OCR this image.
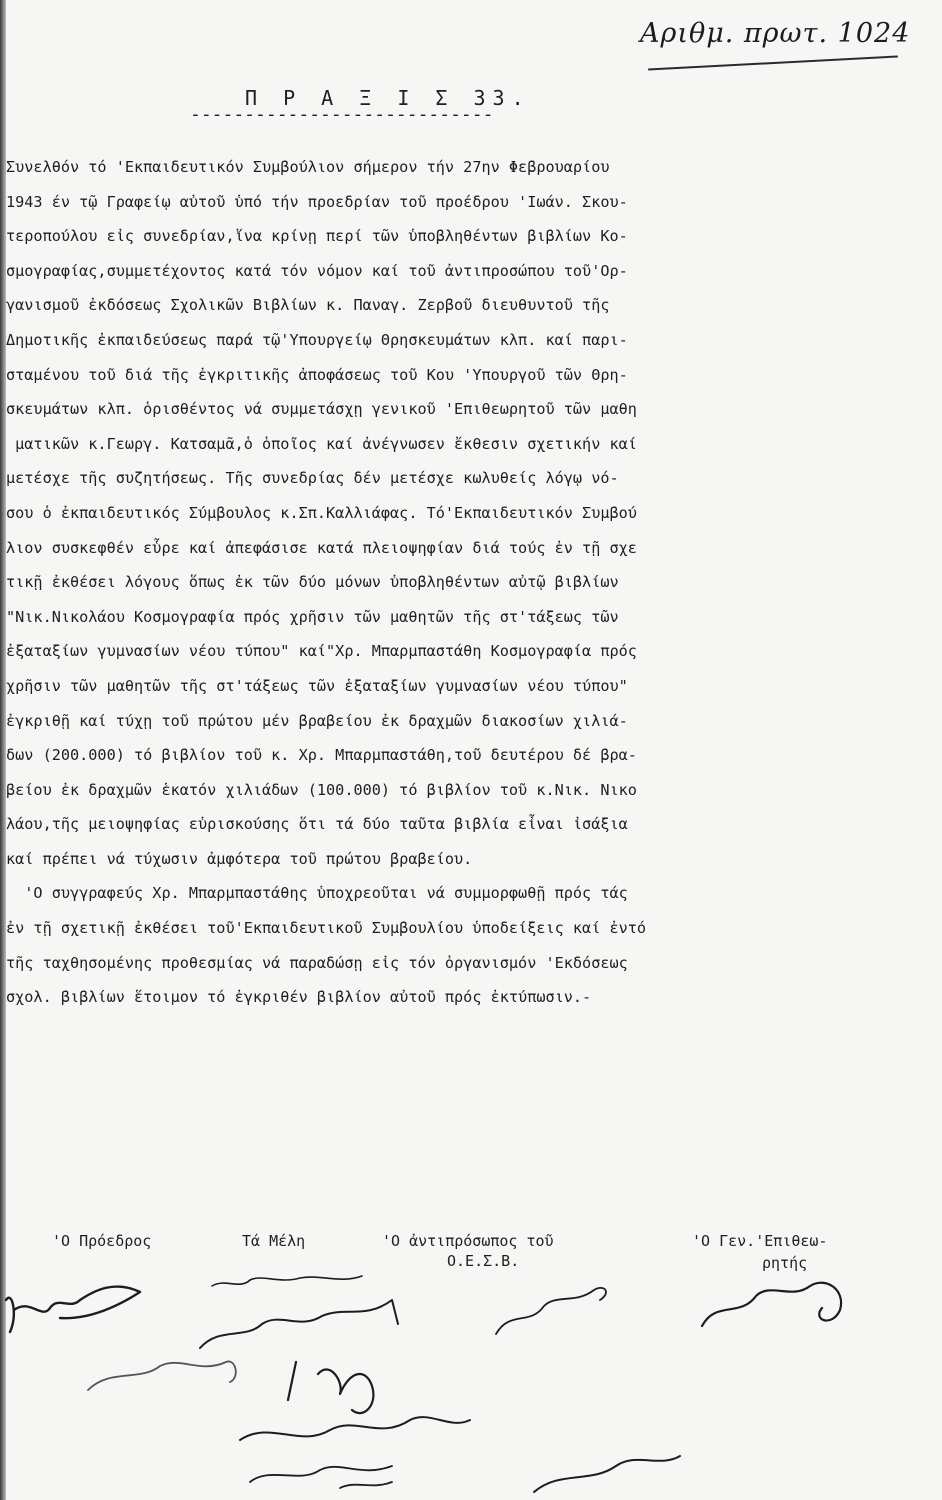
Αριθμ. πρωτ. 1024
Π Ρ Α Ξ Ι Σ 33.
----------------------------
Συνελθόν τό 'Εκπαιδευτικόν Συμβούλιον σήμερον τήν 27ην Φεβρουαρίου
1943 έν τῷ Γραφείῳ αὐτοῦ ὑπό τήν προεδρίαν τοῦ προέδρου 'Ιωάν. Σκου-
τεροπούλου εἰς συνεδρίαν,ἵνα κρίνῃ περί τῶν ὑποβληθέντων βιβλίων Κο-
σμογραφίας,συμμετέχοντος κατά τόν νόμον καί τοῦ ἀντιπροσώπου τοῦ'Ορ-
γανισμοῦ ἐκδόσεως Σχολικῶν Βιβλίων κ. Παναγ. Ζερβοῦ διευθυντοῦ τῆς
Δημοτικῆς ἐκπαιδεύσεως παρά τῷ'Υπουργείῳ Θρησκευμάτων κλπ. καί παρι-
σταμένου τοῦ διά τῆς ἐγκριτικῆς ἀποφάσεως τοῦ Κου 'Υπουργοῦ τῶν Θρη-
σκευμάτων κλπ. ὁρισθέντος νά συμμετάσχῃ γενικοῦ 'Επιθεωρητοῦ τῶν μαθη
ματικῶν κ.Γεωργ. Κατσαμᾶ,ὁ ὁποῖος καί ἀνέγνωσεν ἔκθεσιν σχετικήν καί
μετέσχε τῆς συζητήσεως. Τῆς συνεδρίας δέν μετέσχε κωλυθείς λόγῳ νό-
σου ὁ ἐκπαιδευτικός Σύμβουλος κ.Σπ.Καλλιάφας. Τό'Εκπαιδευτικόν Συμβού
λιον συσκεφθέν εὗρε καί ἀπεφάσισε κατά πλειοψηφίαν διά τούς ἐν τῇ σχε
τικῇ ἐκθέσει λόγους ὅπως ἐκ τῶν δύο μόνων ὑποβληθέντων αὐτῷ βιβλίων
"Νικ.Νικολάου Κοσμογραφία πρός χρῆσιν τῶν μαθητῶν τῆς στ'τάξεως τῶν
ἑξαταξίων γυμνασίων νέου τύπου" καί"Χρ. Μπαρμπαστάθη Κοσμογραφία πρός
χρῆσιν τῶν μαθητῶν τῆς στ'τάξεως τῶν ἑξαταξίων γυμνασίων νέου τύπου"
ἐγκριθῇ καί τύχῃ τοῦ πρώτου μέν βραβείου ἐκ δραχμῶν διακοσίων χιλιά-
δων (200.000) τό βιβλίον τοῦ κ. Χρ. Μπαρμπαστάθη,τοῦ δευτέρου δέ βρα-
βείου ἐκ δραχμῶν ἑκατόν χιλιάδων (100.000) τό βιβλίον τοῦ κ.Νικ. Νικο
λάου,τῆς μειοψηφίας εὑρισκούσης ὅτι τά δύο ταῦτα βιβλία εἶναι ἰσάξια
καί πρέπει νά τύχωσιν ἀμφότερα τοῦ πρώτου βραβείου.
'Ο συγγραφεύς Χρ. Μπαρμπαστάθης ὑποχρεοῦται νά συμμορφωθῇ πρός τάς
ἐν τῇ σχετικῇ ἐκθέσει τοῦ'Εκπαιδευτικοῦ Συμβουλίου ὑποδείξεις καί ἐντό
τῆς ταχθησομένης προθεσμίας νά παραδώσῃ εἰς τόν ὀργανισμόν 'Εκδόσεως
σχολ. βιβλίων ἕτοιμον τό ἐγκριθέν βιβλίον αὐτοῦ πρός ἐκτύπωσιν.-
'Ο Πρόεδρος	Τά Μέλη	'Ο ἀντιπρόσωπος τοῦ
Ο.Ε.Σ.Β.
'Ο Γεν.'Επιθεω-
ρητής
